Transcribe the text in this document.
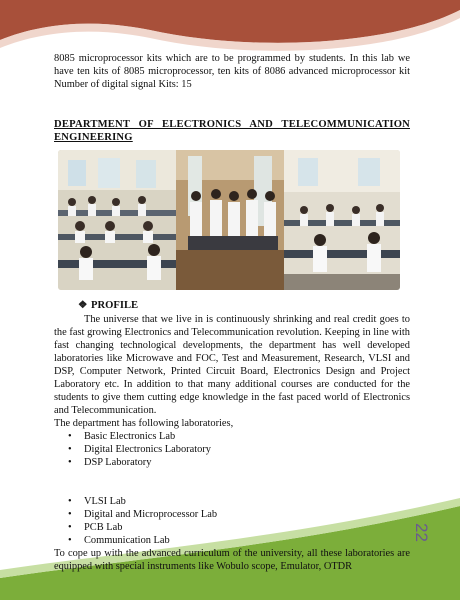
8085 microprocessor kits which are to be programmed by students. In this lab we have ten kits of 8085 microprocessor, ten kits of 8086 advanced microprocessor kit Number of digital signal Kits: 15

DEPARTMENT OF ELECTRONICS AND TELECOMMUNICATION ENGINEERING
❖ PROFILE

The universe that we live in is continuously shrinking and real credit goes to the fast growing Electronics and Telecommunication revolution. Keeping in line with fast changing technological developments, the department has well developed laboratories like Microwave and FOC, Test and Measurement, Research, VLSI and DSP, Computer Network, Printed Circuit Board, Electronics Design and Project Laboratory etc. In addition to that many additional courses are conducted for the students to give them cutting edge knowledge in the fast paced world of Electronics and Telecommunication.

The department has following laboratories,

• Basic Electronics Lab
• Digital Electronics Laboratory
• DSP Laboratory
• VLSI Lab
• Digital and Microprocessor Lab
• PCB Lab
• Communication Lab

To cope up with the advanced curriculum of the university, all these laboratories are equipped with special instruments like Wobulo scope, Emulator, OTDR

22
